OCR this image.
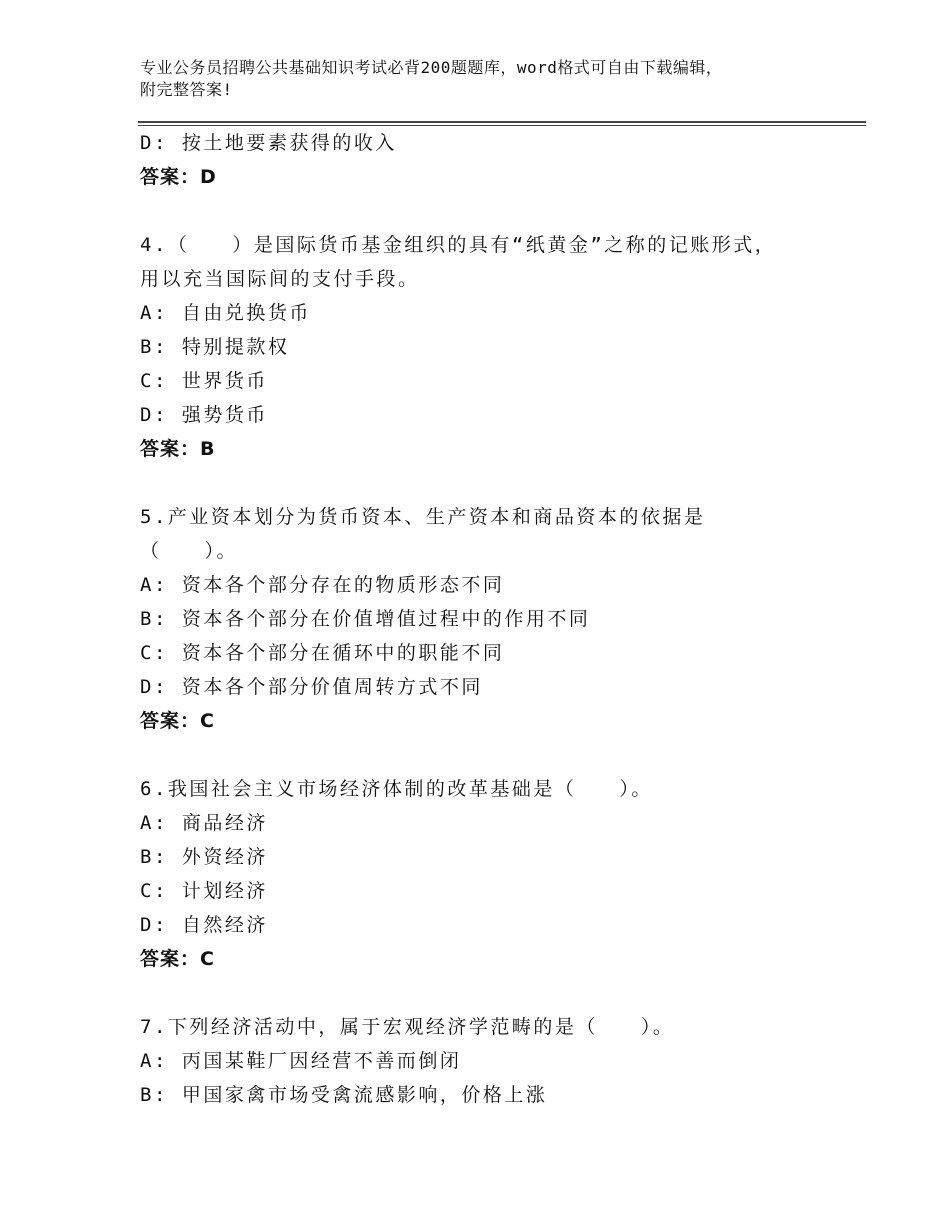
专业公务员招聘公共基础知识考试必背200题题库，word格式可自由下载编辑，
附完整答案!
D: 按土地要素获得的收入
答案：D
4.（　　）是国际货币基金组织的具有“纸黄金”之称的记账形式，
用以充当国际间的支付手段。
A: 自由兑换货币
B: 特别提款权
C: 世界货币
D: 强势货币
答案：B
5.产业资本划分为货币资本、生产资本和商品资本的依据是
（　　）。
A: 资本各个部分存在的物质形态不同
B: 资本各个部分在价值增值过程中的作用不同
C: 资本各个部分在循环中的职能不同
D: 资本各个部分价值周转方式不同
答案：C
6.我国社会主义市场经济体制的改革基础是（　　）。
A: 商品经济
B: 外资经济
C: 计划经济
D: 自然经济
答案：C
7.下列经济活动中，属于宏观经济学范畴的是（　　）。
A: 丙国某鞋厂因经营不善而倒闭
B: 甲国家禽市场受禽流感影响，价格上涨
